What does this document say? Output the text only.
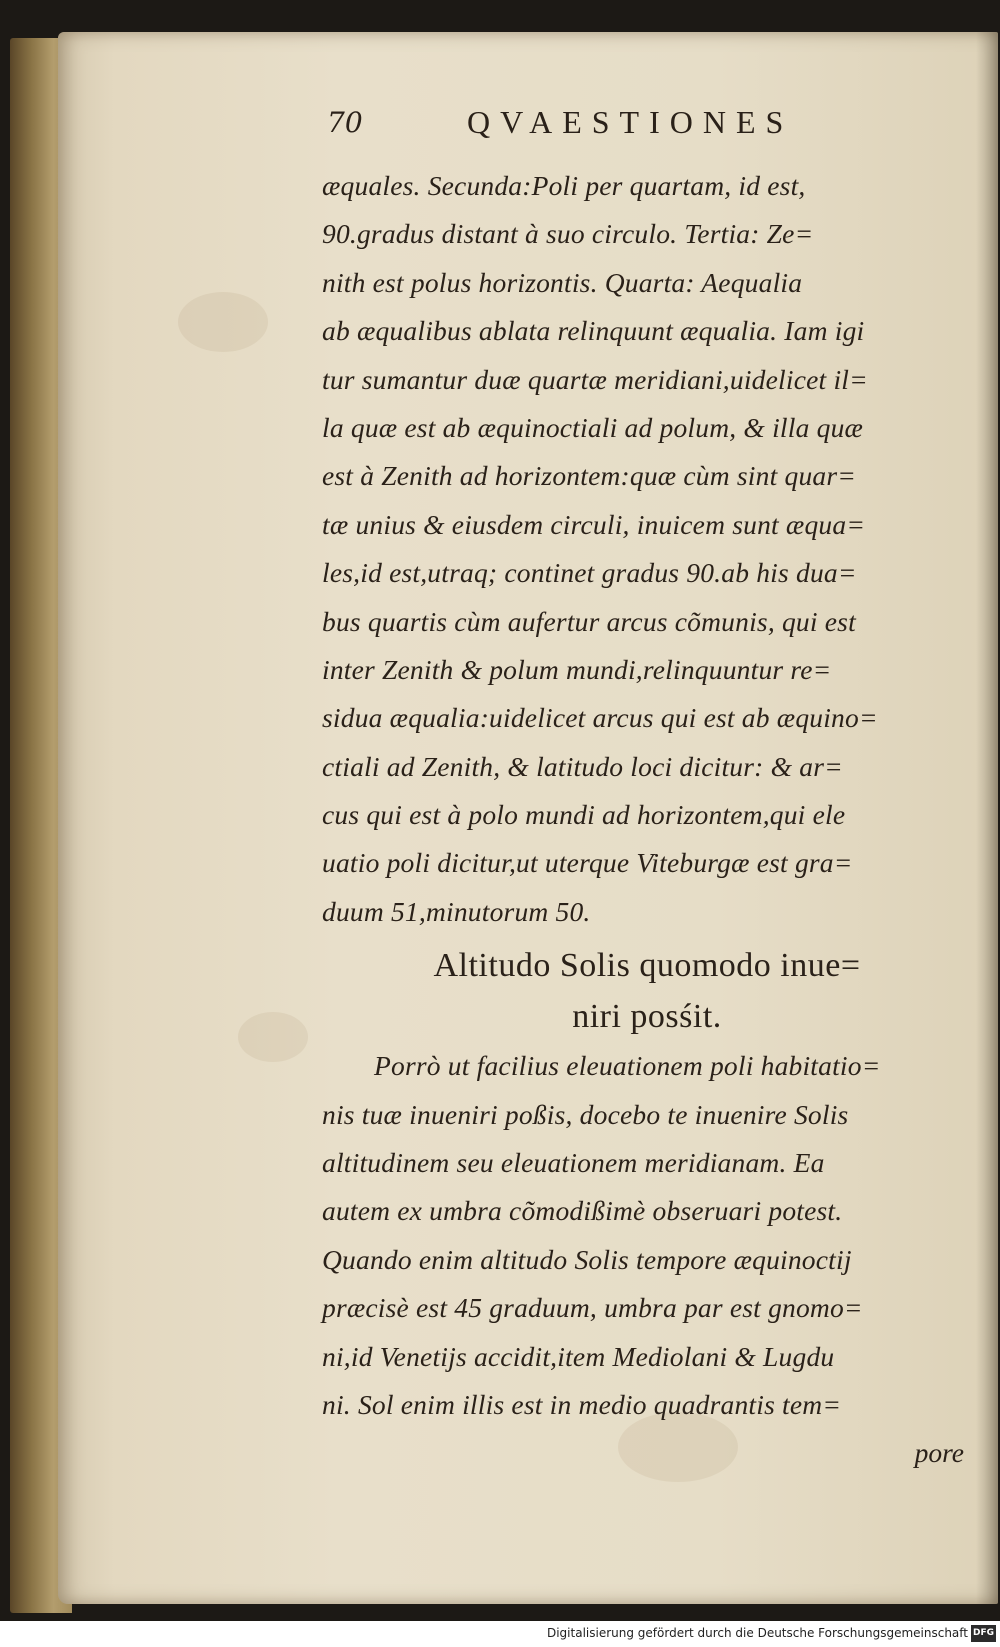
70	QVAESTIONES
æquales. Secunda:Poli per quartam, id est,
90.gradus distant à suo circulo. Tertia: Ze=
nith est polus horizontis. Quarta: Aequalia
ab æqualibus ablata relinquunt æqualia. Iam igi
tur sumantur duæ quartæ meridiani,uidelicet il=
la quæ est ab æquinoctiali ad polum, & illa quæ
est à Zenith ad horizontem:quæ cùm sint quar=
tæ unius & eiusdem circuli, inuicem sunt æqua=
les,id est,utraq; continet gradus 90.ab his dua=
bus quartis cùm aufertur arcus cõmunis, qui est
inter Zenith & polum mundi,relinquuntur re=
sidua æqualia:uidelicet arcus qui est ab æquino=
ctiali ad Zenith, & latitudo loci dicitur: & ar=
cus qui est à polo mundi ad horizontem,qui ele
uatio poli dicitur,ut uterque Viteburgæ est gra=
duum 51,minutorum 50.
Altitudo Solis quomodo inue=
niri posśit.
Porrò ut facilius eleuationem poli habitatio=
nis tuæ inueniri poßis, docebo te inuenire Solis
altitudinem seu eleuationem meridianam. Ea
autem ex umbra cõmodißimè obseruari potest.
Quando enim altitudo Solis tempore æquinoctij
præcisè est 45 graduum, umbra par est gnomo=
ni,id Venetijs accidit,item Mediolani & Lugdu
ni. Sol enim illis est in medio quadrantis tem=
pore
Digitalisierung gefördert durch die Deutsche Forschungsgemeinschaft DFG
